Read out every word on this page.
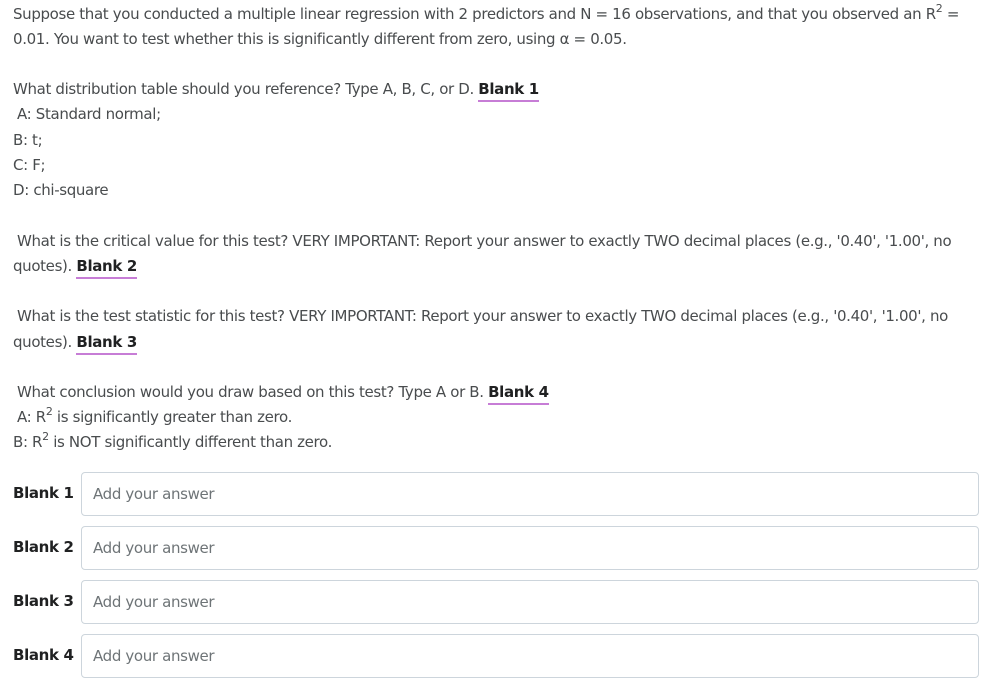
Suppose that you conducted a multiple linear regression with 2 predictors and N = 16 observations, and that you observed an $R^2$ =
0.01. You want to test whether this is significantly different from zero, using α = 0.05.
What distribution table should you reference? Type A, B, C, or D. Blank 1
A: Standard normal;
B: t;
C: F;
D: chi-square
What is the critical value for this test? VERY IMPORTANT: Report your answer to exactly TWO decimal places (e.g., '0.40', '1.00', no
quotes). Blank 2
What is the test statistic for this test? VERY IMPORTANT: Report your answer to exactly TWO decimal places (e.g., '0.40', '1.00', no
quotes). Blank 3
What conclusion would you draw based on this test? Type A or B. Blank 4
A: $R^2$ is significantly greater than zero.
B: $R^2$ is NOT significantly different than zero.
Blank 1
Add your answer
Blank 2
Add your answer
Blank 3
Add your answer
Blank 4
Add your answer
